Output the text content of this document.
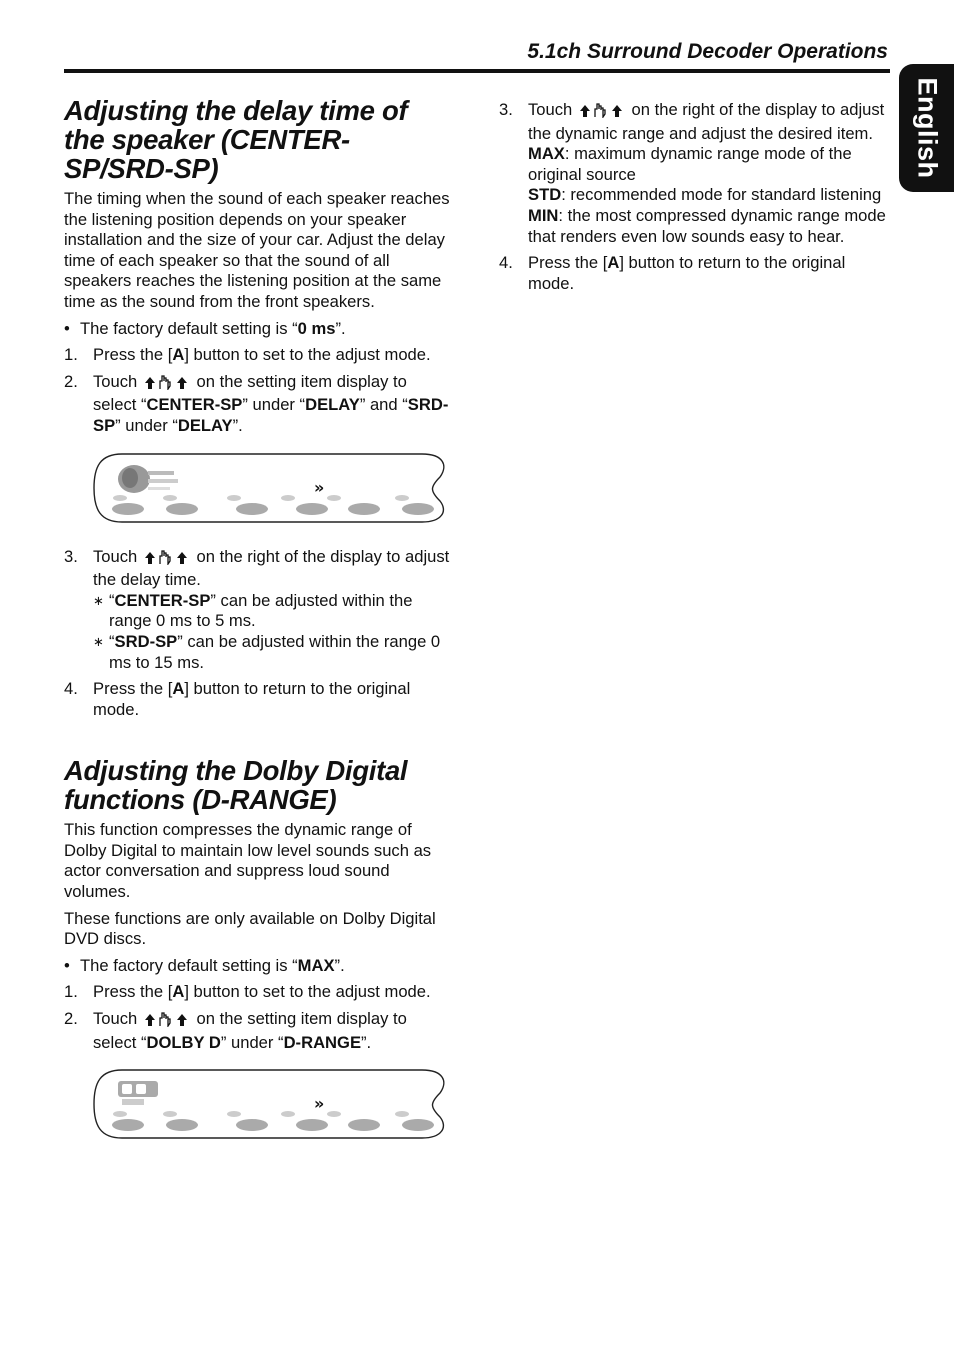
5.1ch Surround Decoder Operations
English
Adjusting the delay time of the speaker (CENTER-SP/SRD-SP)

The timing when the sound of each speaker reaches the listening position depends on your speaker installation and the size of your car. Adjust the delay time of each speaker so that the sound of all speakers reaches the listening position at the same time as the sound from the front speakers.

• The factory default setting is “0 ms”.
1. Press the [A] button to set to the adjust mode.
2. Touch	on the setting item display to select “CENTER-SP” under “DELAY” and “SRD-SP” under “DELAY”.
»
3. Touch	on the right of the display to adjust the delay time.
∗ “CENTER-SP” can be adjusted within the range 0 ms to 5 ms.
∗ “SRD-SP” can be adjusted within the range 0 ms to 15 ms.
4. Press the [A] button to return to the original mode.
Adjusting the Dolby Digital functions (D-RANGE)

This function compresses the dynamic range of Dolby Digital to maintain low level sounds such as actor conversation and suppress loud sound volumes.

These functions are only available on Dolby Digital DVD discs.

• The factory default setting is “MAX”.
1. Press the [A] button to set to the adjust mode.
2. Touch	on the setting item display to select “DOLBY D” under “D-RANGE”.
»
3. Touch	on the right of the display to adjust the dynamic range and adjust the desired item.
MAX: maximum dynamic range mode of the original source
STD: recommended mode for standard listening
MIN: the most compressed dynamic range mode that renders even low sounds easy to hear.
4. Press the [A] button to return to the original mode.
